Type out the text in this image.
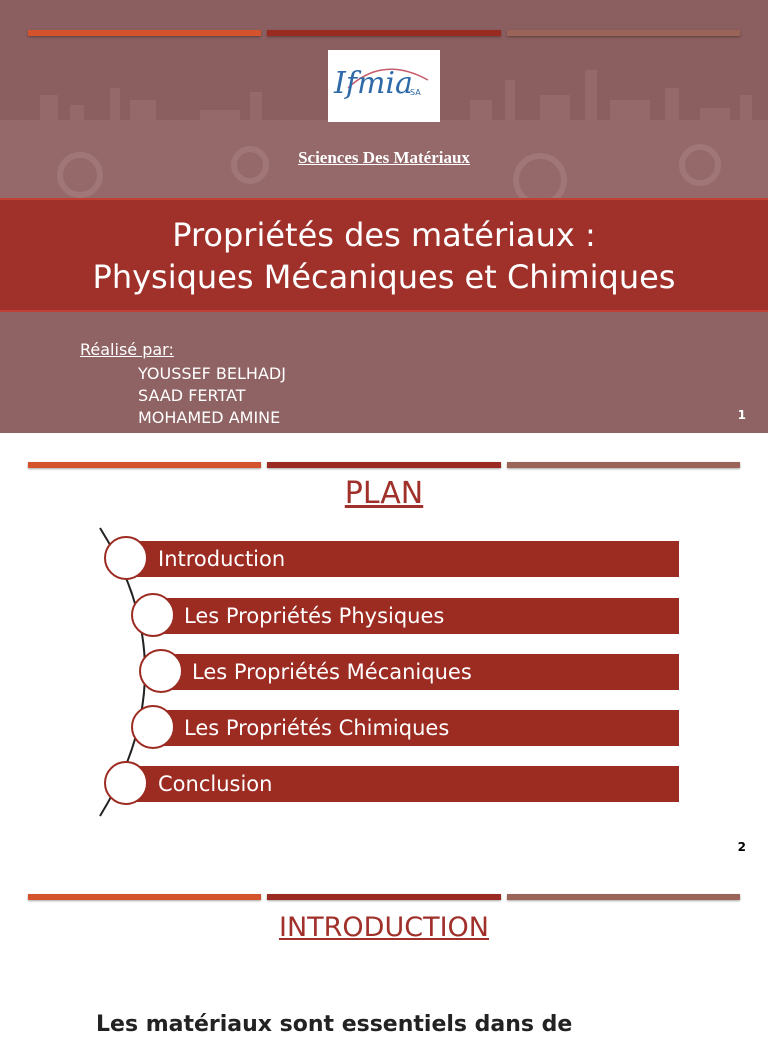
Ifmia
SA
Sciences Des Matériaux
Propriétés des matériaux :
Physiques Mécaniques et Chimiques
Réalisé par:
YOUSSEF BELHADJ
SAAD FERTAT
MOHAMED AMINE	1
PLAN
Introduction
Les Propriétés Physiques
Les Propriétés Mécaniques
Les Propriétés Chimiques
Conclusion
2
INTRODUCTION
Les matériaux sont essentiels dans de
